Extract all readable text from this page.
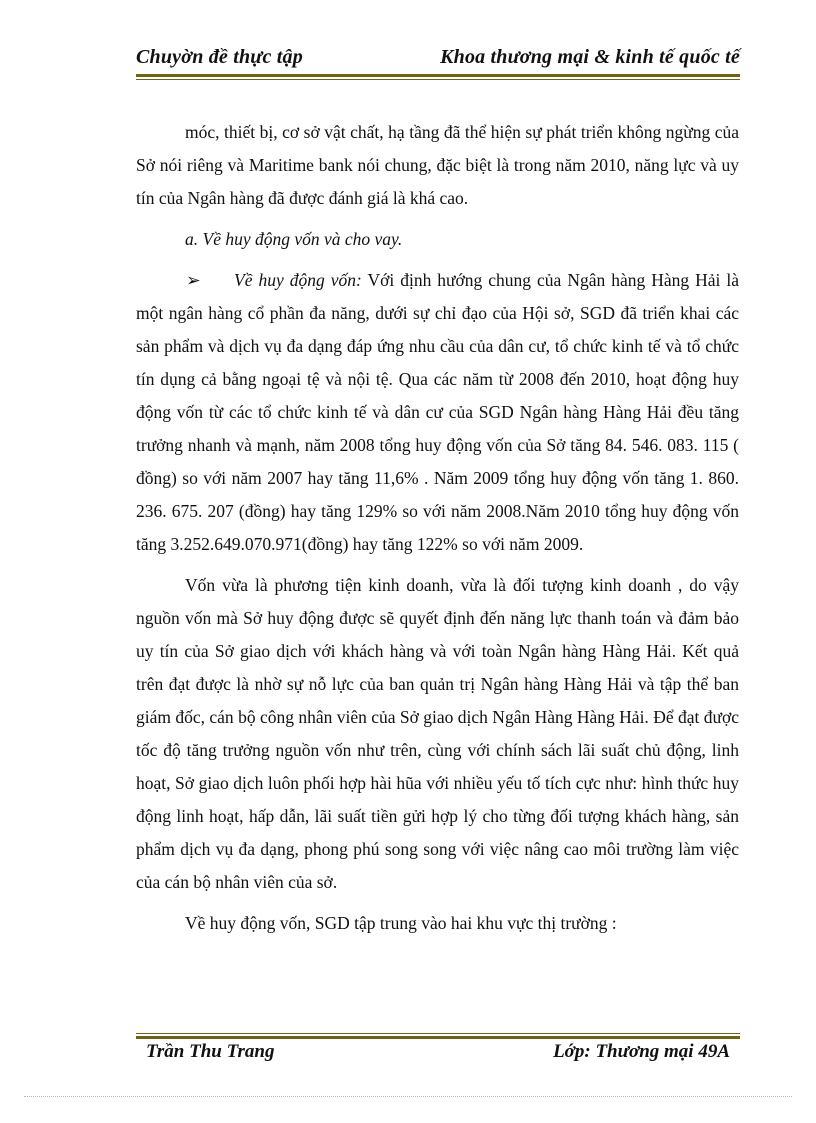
Chuyờn đề thực tập	Khoa thương mại & kinh tế quốc tế

móc, thiết bị, cơ sở vật chất, hạ tầng đã thể hiện sự phát triển không ngừng của Sở nói riêng và Maritime bank nói chung, đặc biệt là trong năm 2010, năng lực và uy tín của Ngân hàng đã được đánh giá là khá cao.

a. Về huy động vốn và cho vay.

➢ Về huy động vốn: Với định hướng chung của Ngân hàng Hàng Hải là một ngân hàng cổ phần đa năng, dưới sự chỉ đạo của Hội sở, SGD đã triển khai các sản phẩm và dịch vụ đa dạng đáp ứng nhu cầu của dân cư, tổ chức kinh tế và tổ chức tín dụng cả bằng ngoại tệ và nội tệ. Qua các năm từ 2008 đến 2010, hoạt động huy động vốn từ các tổ chức kinh tế và dân cư của SGD Ngân hàng Hàng Hải đều tăng trưởng nhanh và mạnh, năm 2008 tổng huy động vốn của Sở tăng 84. 546. 083. 115 ( đồng) so với năm 2007 hay tăng 11,6% . Năm 2009 tổng huy động vốn tăng 1. 860. 236. 675. 207 (đồng) hay tăng 129% so với năm 2008.Năm 2010 tổng huy động vốn tăng 3.252.649.070.971(đồng) hay tăng 122% so với năm 2009.

Vốn vừa là phương tiện kinh doanh, vừa là đối tượng kinh doanh , do vậy nguồn vốn mà Sở huy động được sẽ quyết định đến năng lực thanh toán và đảm bảo uy tín của Sở giao dịch với khách hàng và với toàn Ngân hàng Hàng Hải. Kết quả trên đạt được là nhờ sự nỗ lực của ban quản trị Ngân hàng Hàng Hải và tập thể ban giám đốc, cán bộ công nhân viên của Sở giao dịch Ngân Hàng Hàng Hải. Để đạt được tốc độ tăng trưởng nguồn vốn như trên, cùng với chính sách lãi suất chủ động, linh hoạt, Sở giao dịch luôn phối hợp hài hũa với nhiều yếu tố tích cực như: hình thức huy động linh hoạt, hấp dẫn, lãi suất tiền gửi hợp lý cho từng đối tượng khách hàng, sản phẩm dịch vụ đa dạng, phong phú song song với việc nâng cao môi trường làm việc của cán bộ nhân viên của sở.

Về huy động vốn, SGD tập trung vào hai khu vực thị trường :

Trần Thu Trang	Lớp: Thương mại 49A
